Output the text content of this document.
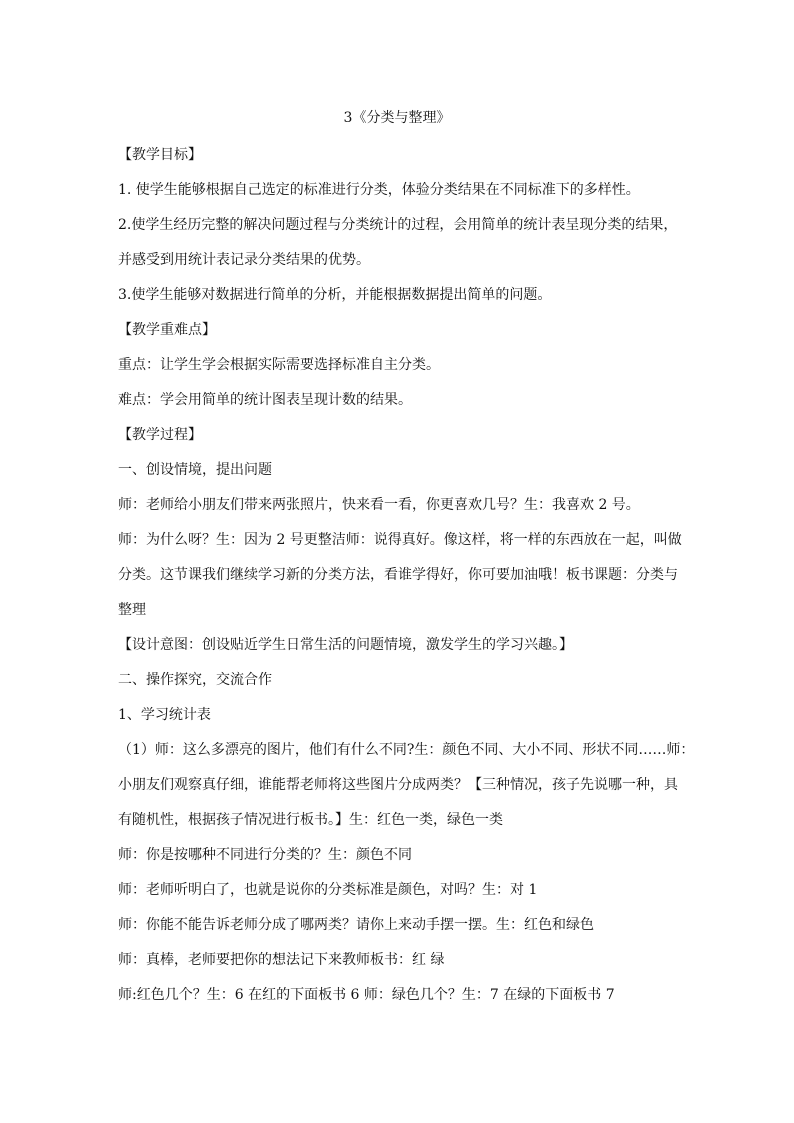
3《分类与整理》
【教学目标】
1. 使学生能够根据自己选定的标准进行分类，体验分类结果在不同标准下的多样性。
2.使学生经历完整的解决问题过程与分类统计的过程，会用简单的统计表呈现分类的结果，
并感受到用统计表记录分类结果的优势。
3.使学生能够对数据进行简单的分析，并能根据数据提出简单的问题。
【教学重难点】
重点：让学生学会根据实际需要选择标准自主分类。
难点：学会用简单的统计图表呈现计数的结果。
【教学过程】
一、创设情境，提出问题
师：老师给小朋友们带来两张照片，快来看一看，你更喜欢几号？生：我喜欢 2 号。
师：为什么呀？生：因为 2 号更整洁师：说得真好。像这样，将一样的东西放在一起，叫做
分类。这节课我们继续学习新的分类方法，看谁学得好，你可要加油哦！板书课题：分类与
整理
【设计意图：创设贴近学生日常生活的问题情境，激发学生的学习兴趣。】
二、操作探究，交流合作
1、学习统计表
（1）师：这么多漂亮的图片，他们有什么不同?生：颜色不同、大小不同、形状不同……师：
小朋友们观察真仔细，谁能帮老师将这些图片分成两类？【三种情况，孩子先说哪一种，具
有随机性，根据孩子情况进行板书。】生：红色一类，绿色一类
师：你是按哪种不同进行分类的？生：颜色不同
师：老师听明白了，也就是说你的分类标准是颜色，对吗？生：对 1
师：你能不能告诉老师分成了哪两类？请你上来动手摆一摆。生：红色和绿色
师：真棒，老师要把你的想法记下来教师板书：红 绿
师:红色几个？生：6 在红的下面板书 6 师：绿色几个？生：7 在绿的下面板书 7
